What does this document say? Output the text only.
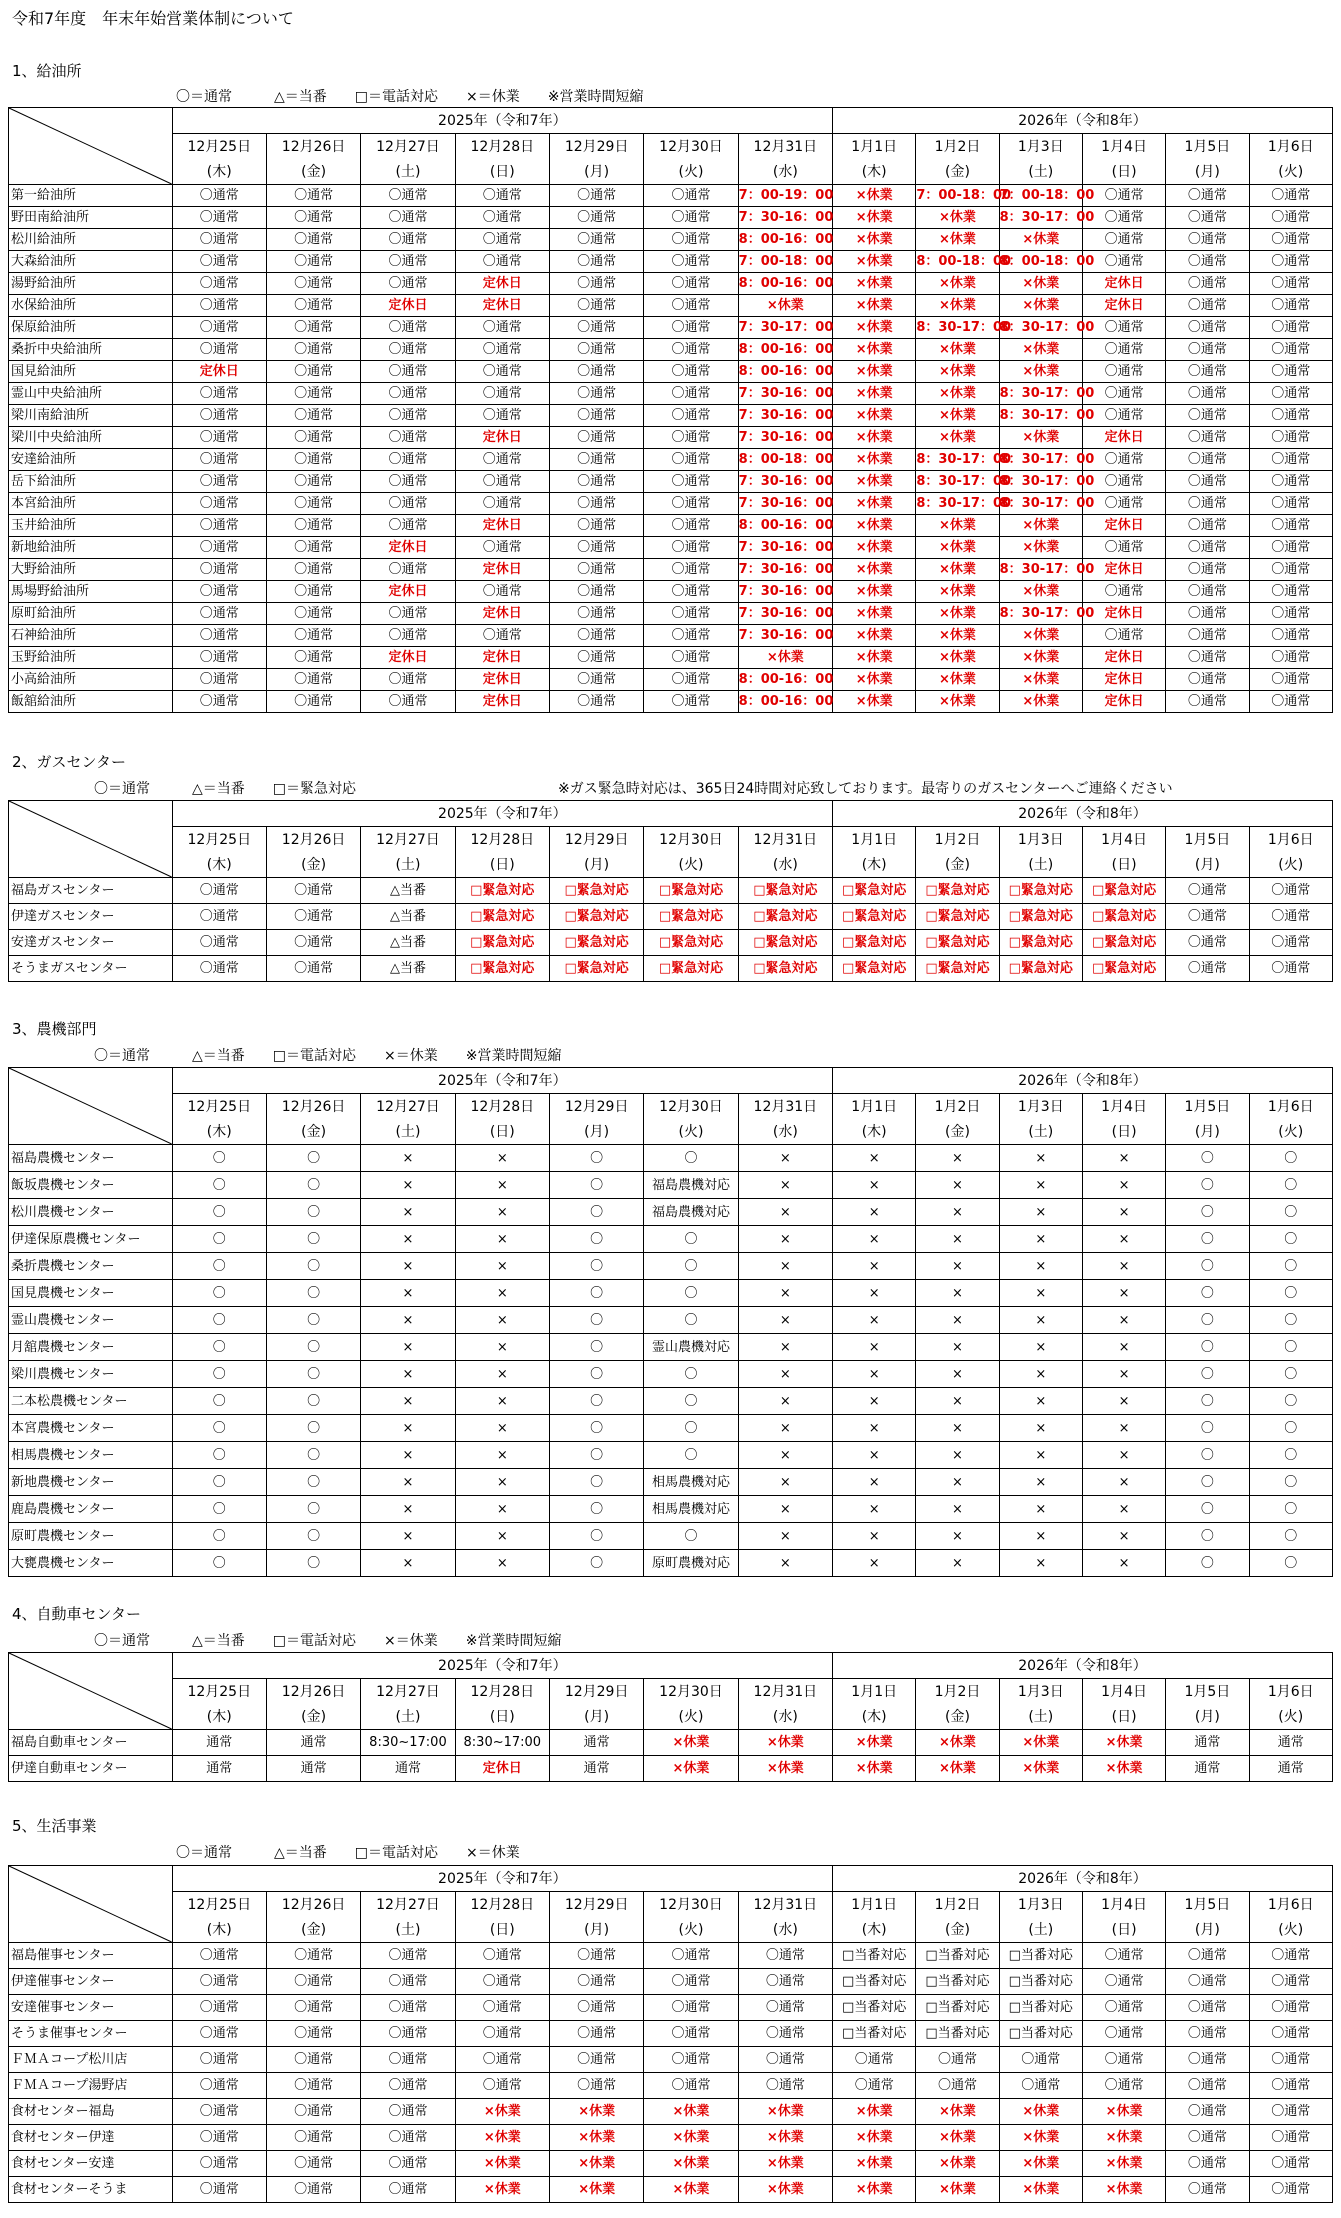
令和7年度　年末年始営業体制について
1、給油所
〇＝通常　　　△＝当番　　□＝電話対応　　×＝休業　　※営業時間短縮
	2025年（令和7年）							2026年（令和8年）					
	12月25日	12月26日	12月27日	12月28日	12月29日	12月30日	12月31日	1月1日	1月2日	1月3日	1月4日	1月5日	1月6日
	(木)	(金)	(土)	(日)	(月)	(火)	(水)	(木)	(金)	(土)	(日)	(月)	(火)
第一給油所	〇通常	〇通常	〇通常	〇通常	〇通常	〇通常	7：00-19：00	×休業	7：00-18：00	7：00-18：00	〇通常	〇通常	〇通常
野田南給油所	〇通常	〇通常	〇通常	〇通常	〇通常	〇通常	7：30-16：00	×休業	×休業	8：30-17：00	〇通常	〇通常	〇通常
松川給油所	〇通常	〇通常	〇通常	〇通常	〇通常	〇通常	8：00-16：00	×休業	×休業	×休業	〇通常	〇通常	〇通常
大森給油所	〇通常	〇通常	〇通常	〇通常	〇通常	〇通常	7：00-18：00	×休業	8：00-18：00	8：00-18：00	〇通常	〇通常	〇通常
湯野給油所	〇通常	〇通常	〇通常	定休日	〇通常	〇通常	8：00-16：00	×休業	×休業	×休業	定休日	〇通常	〇通常
水保給油所	〇通常	〇通常	定休日	定休日	〇通常	〇通常	×休業	×休業	×休業	×休業	定休日	〇通常	〇通常
保原給油所	〇通常	〇通常	〇通常	〇通常	〇通常	〇通常	7：30-17：00	×休業	8：30-17：00	8：30-17：00	〇通常	〇通常	〇通常
桑折中央給油所	〇通常	〇通常	〇通常	〇通常	〇通常	〇通常	8：00-16：00	×休業	×休業	×休業	〇通常	〇通常	〇通常
国見給油所	定休日	〇通常	〇通常	〇通常	〇通常	〇通常	8：00-16：00	×休業	×休業	×休業	〇通常	〇通常	〇通常
霊山中央給油所	〇通常	〇通常	〇通常	〇通常	〇通常	〇通常	7：30-16：00	×休業	×休業	8：30-17：00	〇通常	〇通常	〇通常
梁川南給油所	〇通常	〇通常	〇通常	〇通常	〇通常	〇通常	7：30-16：00	×休業	×休業	8：30-17：00	〇通常	〇通常	〇通常
梁川中央給油所	〇通常	〇通常	〇通常	定休日	〇通常	〇通常	7：30-16：00	×休業	×休業	×休業	定休日	〇通常	〇通常
安達給油所	〇通常	〇通常	〇通常	〇通常	〇通常	〇通常	8：00-18：00	×休業	8：30-17：00	8：30-17：00	〇通常	〇通常	〇通常
岳下給油所	〇通常	〇通常	〇通常	〇通常	〇通常	〇通常	7：30-16：00	×休業	8：30-17：00	8：30-17：00	〇通常	〇通常	〇通常
本宮給油所	〇通常	〇通常	〇通常	〇通常	〇通常	〇通常	7：30-16：00	×休業	8：30-17：00	8：30-17：00	〇通常	〇通常	〇通常
玉井給油所	〇通常	〇通常	〇通常	定休日	〇通常	〇通常	8：00-16：00	×休業	×休業	×休業	定休日	〇通常	〇通常
新地給油所	〇通常	〇通常	定休日	〇通常	〇通常	〇通常	7：30-16：00	×休業	×休業	×休業	〇通常	〇通常	〇通常
大野給油所	〇通常	〇通常	〇通常	定休日	〇通常	〇通常	7：30-16：00	×休業	×休業	8：30-17：00	定休日	〇通常	〇通常
馬場野給油所	〇通常	〇通常	定休日	〇通常	〇通常	〇通常	7：30-16：00	×休業	×休業	×休業	〇通常	〇通常	〇通常
原町給油所	〇通常	〇通常	〇通常	定休日	〇通常	〇通常	7：30-16：00	×休業	×休業	8：30-17：00	定休日	〇通常	〇通常
石神給油所	〇通常	〇通常	〇通常	〇通常	〇通常	〇通常	7：30-16：00	×休業	×休業	×休業	〇通常	〇通常	〇通常
玉野給油所	〇通常	〇通常	定休日	定休日	〇通常	〇通常	×休業	×休業	×休業	×休業	定休日	〇通常	〇通常
小高給油所	〇通常	〇通常	〇通常	定休日	〇通常	〇通常	8：00-16：00	×休業	×休業	×休業	定休日	〇通常	〇通常
飯舘給油所	〇通常	〇通常	〇通常	定休日	〇通常	〇通常	8：00-16：00	×休業	×休業	×休業	定休日	〇通常	〇通常
2、ガスセンター
〇＝通常　　　△＝当番　　□＝緊急対応	※ガス緊急時対応は、365日24時間対応致しております。最寄りのガスセンターへご連絡ください
	2025年（令和7年）							2026年（令和8年）					
	12月25日	12月26日	12月27日	12月28日	12月29日	12月30日	12月31日	1月1日	1月2日	1月3日	1月4日	1月5日	1月6日
	(木)	(金)	(土)	(日)	(月)	(火)	(水)	(木)	(金)	(土)	(日)	(月)	(火)
福島ガスセンター	〇通常	〇通常	△当番	□緊急対応	□緊急対応	□緊急対応	□緊急対応	□緊急対応	□緊急対応	□緊急対応	□緊急対応	〇通常	〇通常
伊達ガスセンター	〇通常	〇通常	△当番	□緊急対応	□緊急対応	□緊急対応	□緊急対応	□緊急対応	□緊急対応	□緊急対応	□緊急対応	〇通常	〇通常
安達ガスセンター	〇通常	〇通常	△当番	□緊急対応	□緊急対応	□緊急対応	□緊急対応	□緊急対応	□緊急対応	□緊急対応	□緊急対応	〇通常	〇通常
そうまガスセンター	〇通常	〇通常	△当番	□緊急対応	□緊急対応	□緊急対応	□緊急対応	□緊急対応	□緊急対応	□緊急対応	□緊急対応	〇通常	〇通常
3、農機部門
〇＝通常　　　△＝当番　　□＝電話対応　　×＝休業　　※営業時間短縮
	2025年（令和7年）							2026年（令和8年）					
	12月25日	12月26日	12月27日	12月28日	12月29日	12月30日	12月31日	1月1日	1月2日	1月3日	1月4日	1月5日	1月6日
	(木)	(金)	(土)	(日)	(月)	(火)	(水)	(木)	(金)	(土)	(日)	(月)	(火)
福島農機センター	〇	〇	×	×	〇	〇	×	×	×	×	×	〇	〇
飯坂農機センター	〇	〇	×	×	〇	福島農機対応	×	×	×	×	×	〇	〇
松川農機センター	〇	〇	×	×	〇	福島農機対応	×	×	×	×	×	〇	〇
伊達保原農機センター	〇	〇	×	×	〇	〇	×	×	×	×	×	〇	〇
桑折農機センター	〇	〇	×	×	〇	〇	×	×	×	×	×	〇	〇
国見農機センター	〇	〇	×	×	〇	〇	×	×	×	×	×	〇	〇
霊山農機センター	〇	〇	×	×	〇	〇	×	×	×	×	×	〇	〇
月舘農機センター	〇	〇	×	×	〇	霊山農機対応	×	×	×	×	×	〇	〇
梁川農機センター	〇	〇	×	×	〇	〇	×	×	×	×	×	〇	〇
二本松農機センター	〇	〇	×	×	〇	〇	×	×	×	×	×	〇	〇
本宮農機センター	〇	〇	×	×	〇	〇	×	×	×	×	×	〇	〇
相馬農機センター	〇	〇	×	×	〇	〇	×	×	×	×	×	〇	〇
新地農機センター	〇	〇	×	×	〇	相馬農機対応	×	×	×	×	×	〇	〇
鹿島農機センター	〇	〇	×	×	〇	相馬農機対応	×	×	×	×	×	〇	〇
原町農機センター	〇	〇	×	×	〇	〇	×	×	×	×	×	〇	〇
大甕農機センター	〇	〇	×	×	〇	原町農機対応	×	×	×	×	×	〇	〇
4、自動車センター
〇＝通常　　　△＝当番　　□＝電話対応　　×＝休業　　※営業時間短縮
	2025年（令和7年）							2026年（令和8年）					
	12月25日	12月26日	12月27日	12月28日	12月29日	12月30日	12月31日	1月1日	1月2日	1月3日	1月4日	1月5日	1月6日
	(木)	(金)	(土)	(日)	(月)	(火)	(水)	(木)	(金)	(土)	(日)	(月)	(火)
福島自動車センター	通常	通常	8:30~17:00	8:30~17:00	通常	×休業	×休業	×休業	×休業	×休業	×休業	通常	通常
伊達自動車センター	通常	通常	通常	定休日	通常	×休業	×休業	×休業	×休業	×休業	×休業	通常	通常
5、生活事業
〇＝通常　　　△＝当番　　□＝電話対応　　×＝休業
	2025年（令和7年）							2026年（令和8年）					
	12月25日	12月26日	12月27日	12月28日	12月29日	12月30日	12月31日	1月1日	1月2日	1月3日	1月4日	1月5日	1月6日
	(木)	(金)	(土)	(日)	(月)	(火)	(水)	(木)	(金)	(土)	(日)	(月)	(火)
福島催事センター	〇通常	〇通常	〇通常	〇通常	〇通常	〇通常	〇通常	□当番対応	□当番対応	□当番対応	〇通常	〇通常	〇通常
伊達催事センター	〇通常	〇通常	〇通常	〇通常	〇通常	〇通常	〇通常	□当番対応	□当番対応	□当番対応	〇通常	〇通常	〇通常
安達催事センター	〇通常	〇通常	〇通常	〇通常	〇通常	〇通常	〇通常	□当番対応	□当番対応	□当番対応	〇通常	〇通常	〇通常
そうま催事センター	〇通常	〇通常	〇通常	〇通常	〇通常	〇通常	〇通常	□当番対応	□当番対応	□当番対応	〇通常	〇通常	〇通常
ＦＭＡコープ松川店	〇通常	〇通常	〇通常	〇通常	〇通常	〇通常	〇通常	〇通常	〇通常	〇通常	〇通常	〇通常	〇通常
ＦＭＡコープ湯野店	〇通常	〇通常	〇通常	〇通常	〇通常	〇通常	〇通常	〇通常	〇通常	〇通常	〇通常	〇通常	〇通常
食材センター福島	〇通常	〇通常	〇通常	×休業	×休業	×休業	×休業	×休業	×休業	×休業	×休業	〇通常	〇通常
食材センター伊達	〇通常	〇通常	〇通常	×休業	×休業	×休業	×休業	×休業	×休業	×休業	×休業	〇通常	〇通常
食材センター安達	〇通常	〇通常	〇通常	×休業	×休業	×休業	×休業	×休業	×休業	×休業	×休業	〇通常	〇通常
食材センターそうま	〇通常	〇通常	〇通常	×休業	×休業	×休業	×休業	×休業	×休業	×休業	×休業	〇通常	〇通常
